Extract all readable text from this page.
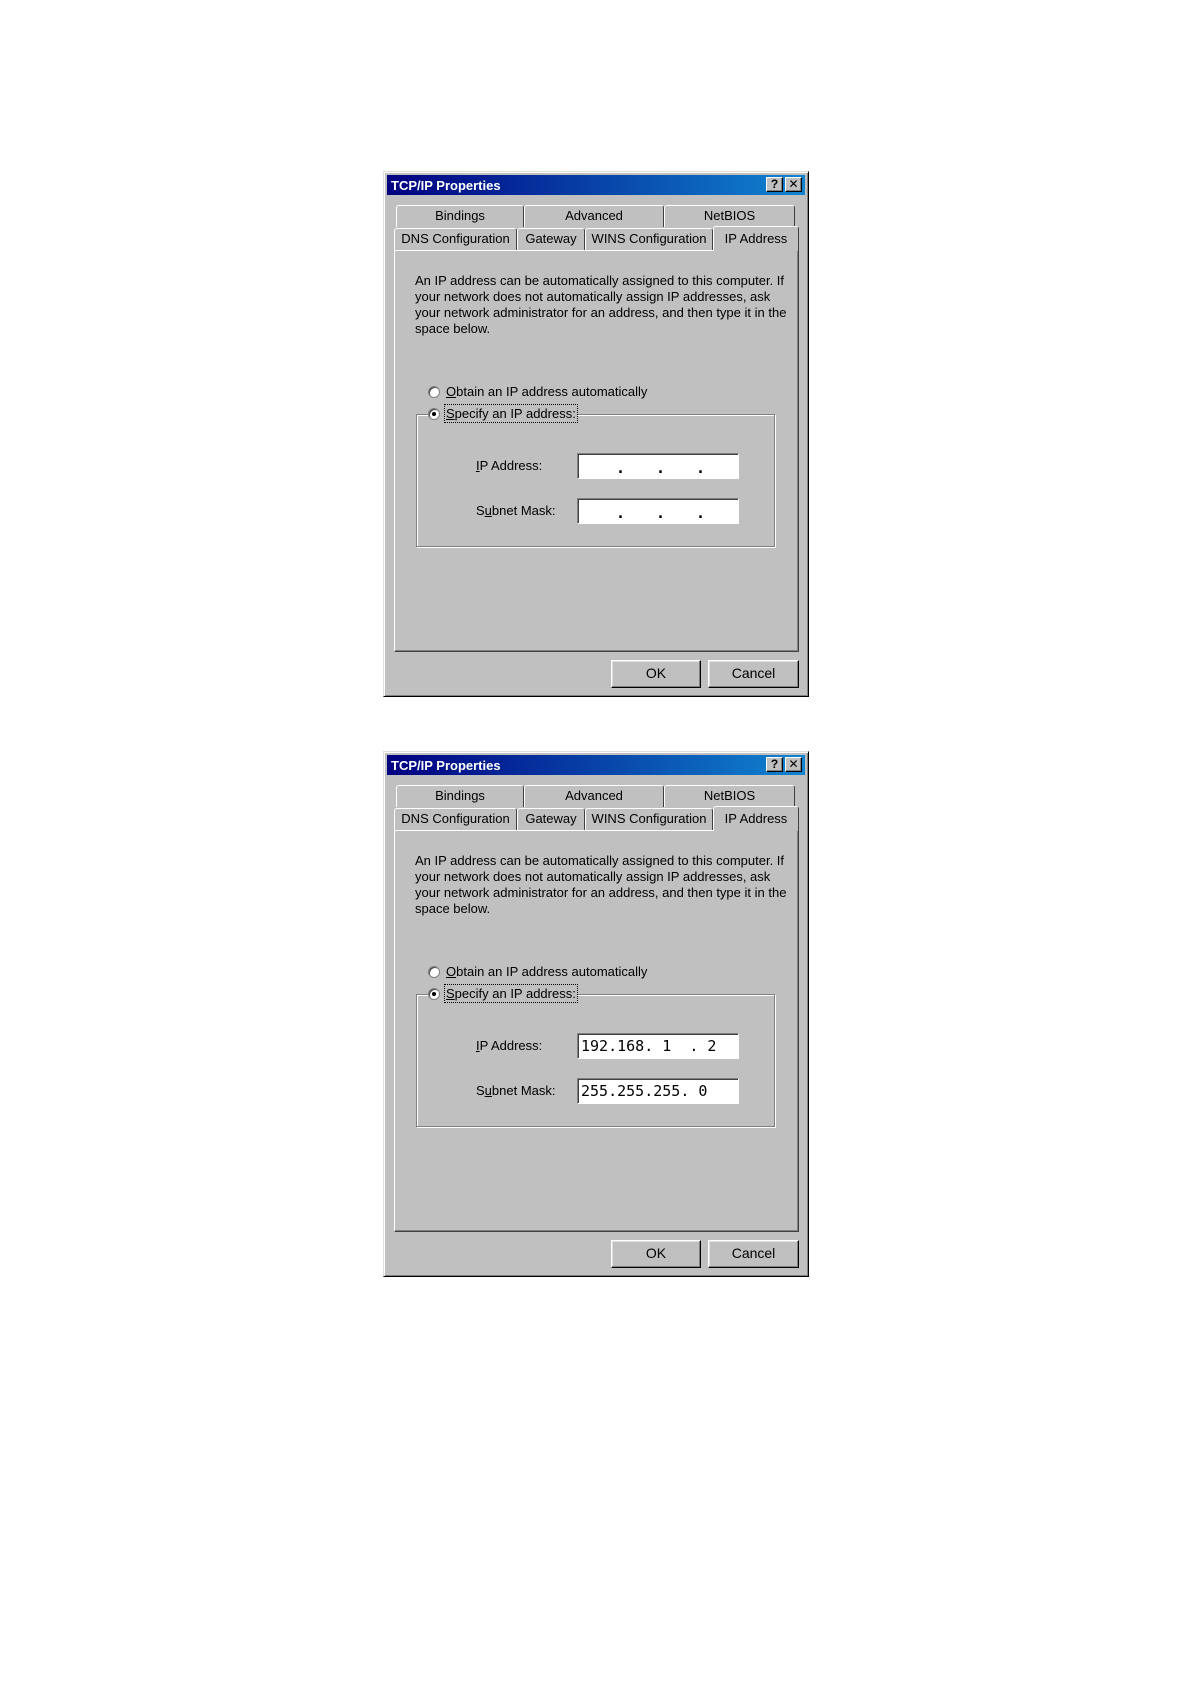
TCP/IP Properties	? ✕
Bindings	Advanced	NetBIOS
DNS Configuration	Gateway	WINS Configuration	IP Address

An IP address can be automatically assigned to this computer. If your network does not automatically assign IP addresses, ask your network administrator for an address, and then type it in the space below.

IP Address:

	. . .

Subnet Mask:

	. . .

Obtain an IP address automatically
Specify an IP address:
OK	Cancel
TCP/IP Properties	? ✕
Bindings	Advanced	NetBIOS
DNS Configuration	Gateway	WINS Configuration	IP Address

An IP address can be automatically assigned to this computer. If your network does not automatically assign IP addresses, ask your network administrator for an address, and then type it in the space below.

IP Address:	192.168. 1  . 2
Subnet Mask: 255.255.255. 0
Obtain an IP address automatically
Specify an IP address:
OK	Cancel
